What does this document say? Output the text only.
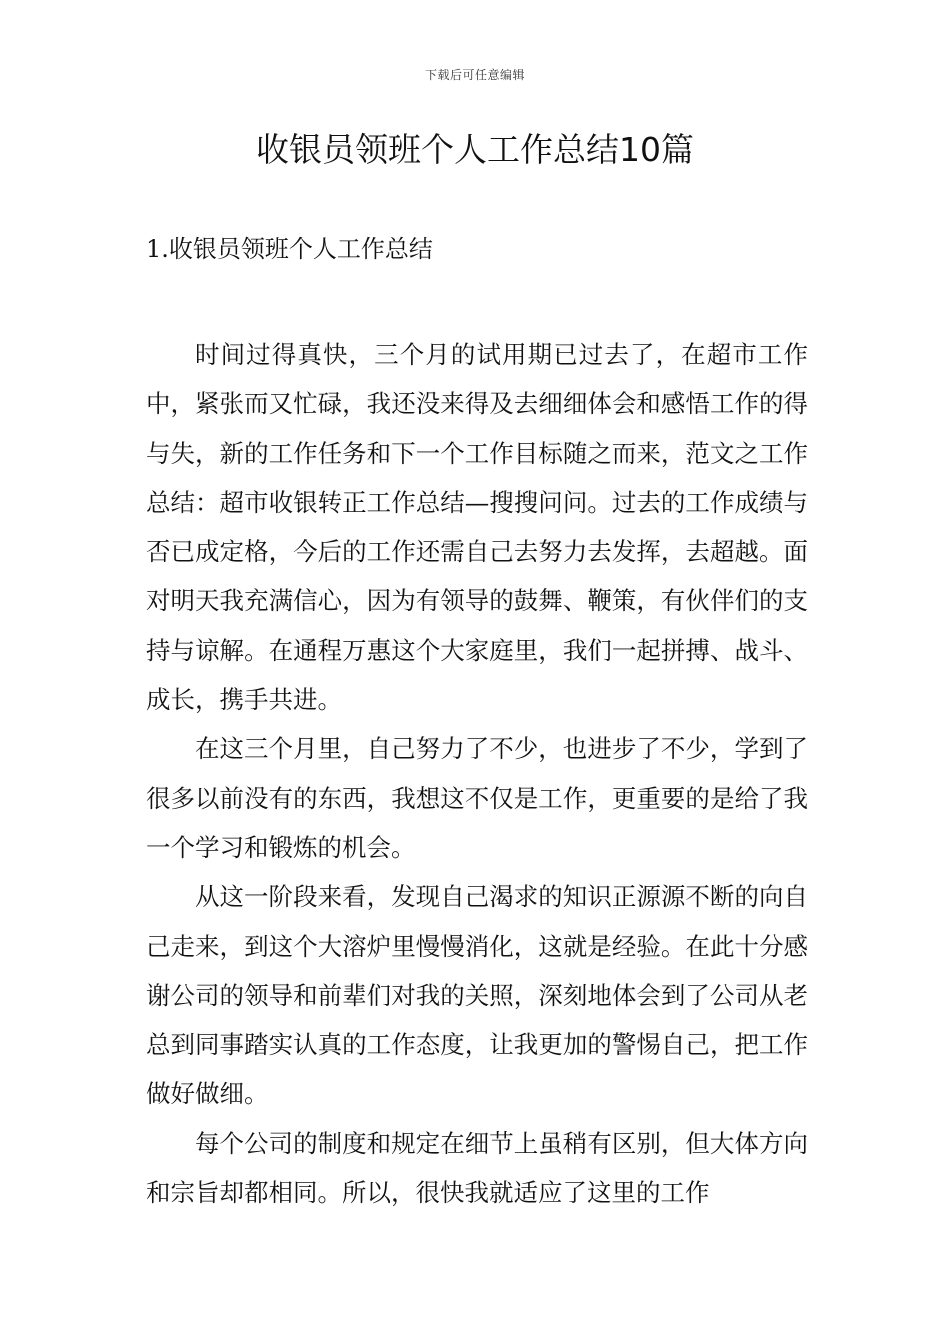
下载后可任意编辑
收银员领班个人工作总结10篇
1.收银员领班个人工作总结

时间过得真快，三个月的试用期已过去了，在超市工作中，紧张而又忙碌，我还没来得及去细细体会和感悟工作的得与失，新的工作任务和下一个工作目标随之而来，范文之工作总结：超市收银转正工作总结—搜搜问问。过去的工作成绩与否已成定格，今后的工作还需自己去努力去发挥，去超越。面对明天我充满信心，因为有领导的鼓舞、鞭策，有伙伴们的支持与谅解。在通程万惠这个大家庭里，我们一起拼搏、战斗、成长，携手共进。

在这三个月里，自己努力了不少，也进步了不少，学到了很多以前没有的东西，我想这不仅是工作，更重要的是给了我一个学习和锻炼的机会。

从这一阶段来看，发现自己渴求的知识正源源不断的向自己走来，到这个大溶炉里慢慢消化，这就是经验。在此十分感谢公司的领导和前辈们对我的关照，深刻地体会到了公司从老总到同事踏实认真的工作态度，让我更加的警惕自己，把工作做好做细。

每个公司的制度和规定在细节上虽稍有区别，但大体方向和宗旨却都相同。所以，很快我就适应了这里的工作
